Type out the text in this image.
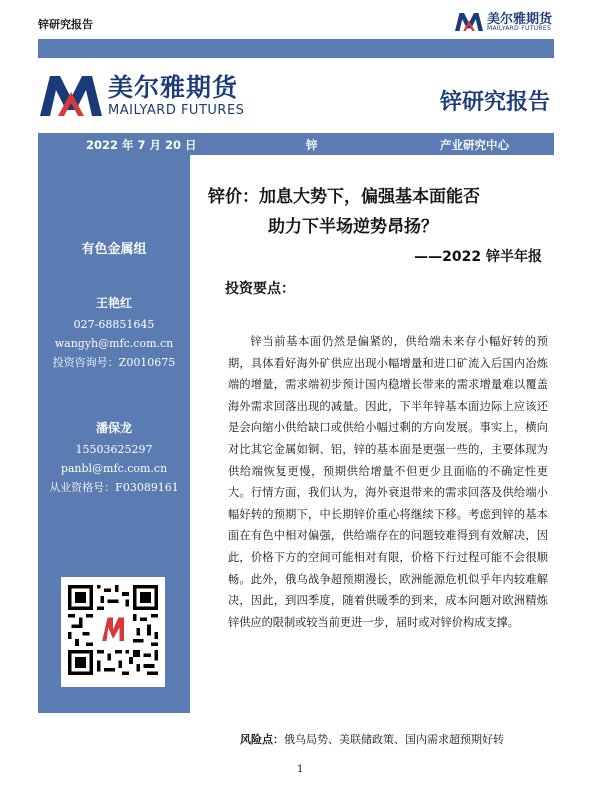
锌研究报告	美尔雅期货
MAILYARD FUTURES
美尔雅期货
MAILYARD FUTURES	锌研究报告
2022 年 7 月 20 日	锌	产业研究中心
有色金属组
王艳红
027-68851645
wangyh@mfc.com.cn
投资咨询号：Z0010675
潘保龙
15503625297
panbl@mfc.com.cn
从业资格号：F03089161
锌价：加息大势下，偏强基本面能否
助力下半场逆势昂扬？
——2022 锌半年报
投资要点：

锌当前基本面仍然是偏紧的，供给端未来存小幅好转的预期，具体看好海外矿供应出现小幅增量和进口矿流入后国内冶炼端的增量，需求端初步预计国内稳增长带来的需求增量难以覆盖海外需求回落出现的减量。因此，下半年锌基本面边际上应该还是会向缩小供给缺口或供给小幅过剩的方向发展。事实上，横向对比其它金属如铜、铝，锌的基本面是更强一些的，主要体现为供给端恢复更慢，预期供给增量不但更少且面临的不确定性更大。行情方面，我们认为，海外衰退带来的需求回落及供给端小幅好转的预期下，中长期锌价重心将继续下移。考虑到锌的基本面在有色中相对偏强，供给端存在的问题较难得到有效解决，因此，价格下方的空间可能相对有限，价格下行过程可能不会很顺畅。此外，俄乌战争超预期漫长，欧洲能源危机似乎年内较难解决，因此，到四季度，随着供暖季的到来，成本问题对欧洲精炼锌供应的限制或较当前更进一步，届时或对锌价构成支撑。

风险点：俄乌局势、美联储政策、国内需求超预期好转
1
